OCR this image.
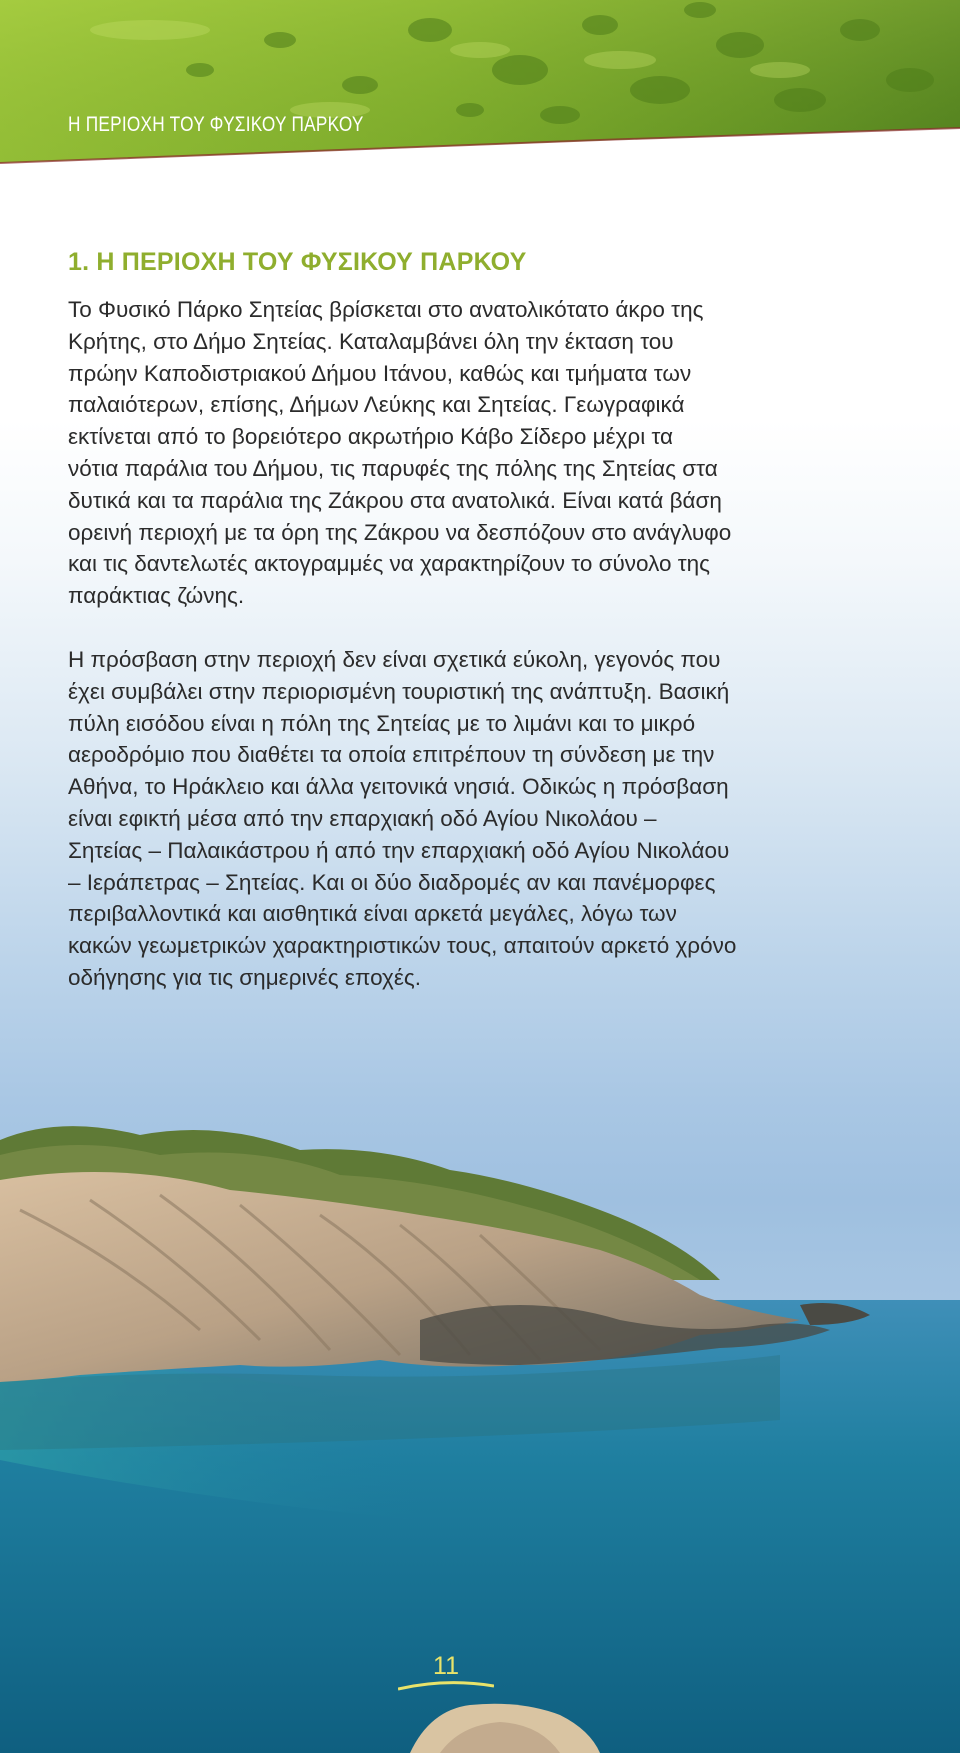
Η ΠΕΡΙΟΧΗ ΤΟΥ ΦΥΣΙΚΟΥ ΠΑΡΚΟΥ
1. Η ΠΕΡΙΟΧΗ ΤΟΥ ΦΥΣΙΚΟΥ ΠΑΡΚΟΥ

Το Φυσικό Πάρκο Σητείας βρίσκεται στο ανατολικότατο άκρο της
Κρήτης, στο Δήμο Σητείας. Καταλαμβάνει όλη την έκταση του
πρώην Καποδιστριακού Δήμου Ιτάνου, καθώς και τμήματα των
παλαιότερων, επίσης, Δήμων Λεύκης και Σητείας. Γεωγραφικά
εκτίνεται από το βορειότερο ακρωτήριο Κάβο Σίδερο μέχρι τα
νότια παράλια του Δήμου, τις παρυφές της πόλης της Σητείας στα
δυτικά και τα παράλια της Ζάκρου στα ανατολικά. Είναι κατά βάση
ορεινή περιοχή με τα όρη της Ζάκρου να δεσπόζουν στο ανάγλυφο
και τις δαντελωτές ακτογραμμές να χαρακτηρίζουν το σύνολο της
παράκτιας ζώνης.

Η πρόσβαση στην περιοχή δεν είναι σχετικά εύκολη, γεγονός που
έχει συμβάλει στην περιορισμένη τουριστική της ανάπτυξη. Βασική
πύλη εισόδου είναι η πόλη της Σητείας με το λιμάνι και το μικρό
αεροδρόμιο που διαθέτει τα οποία επιτρέπουν τη σύνδεση με την
Αθήνα, το Ηράκλειο και άλλα γειτονικά νησιά. Οδικώς η πρόσβαση
είναι εφικτή μέσα από την επαρχιακή οδό Αγίου Νικολάου –
Σητείας – Παλαικάστρου ή από την επαρχιακή οδό Αγίου Νικολάου
– Ιεράπετρας – Σητείας. Και οι δύο διαδρομές αν και πανέμορφες
περιβαλλοντικά και αισθητικά είναι αρκετά μεγάλες, λόγω των
κακών γεωμετρικών χαρακτηριστικών τους, απαιτούν αρκετό χρόνο
οδήγησης για τις σημερινές εποχές.

11
